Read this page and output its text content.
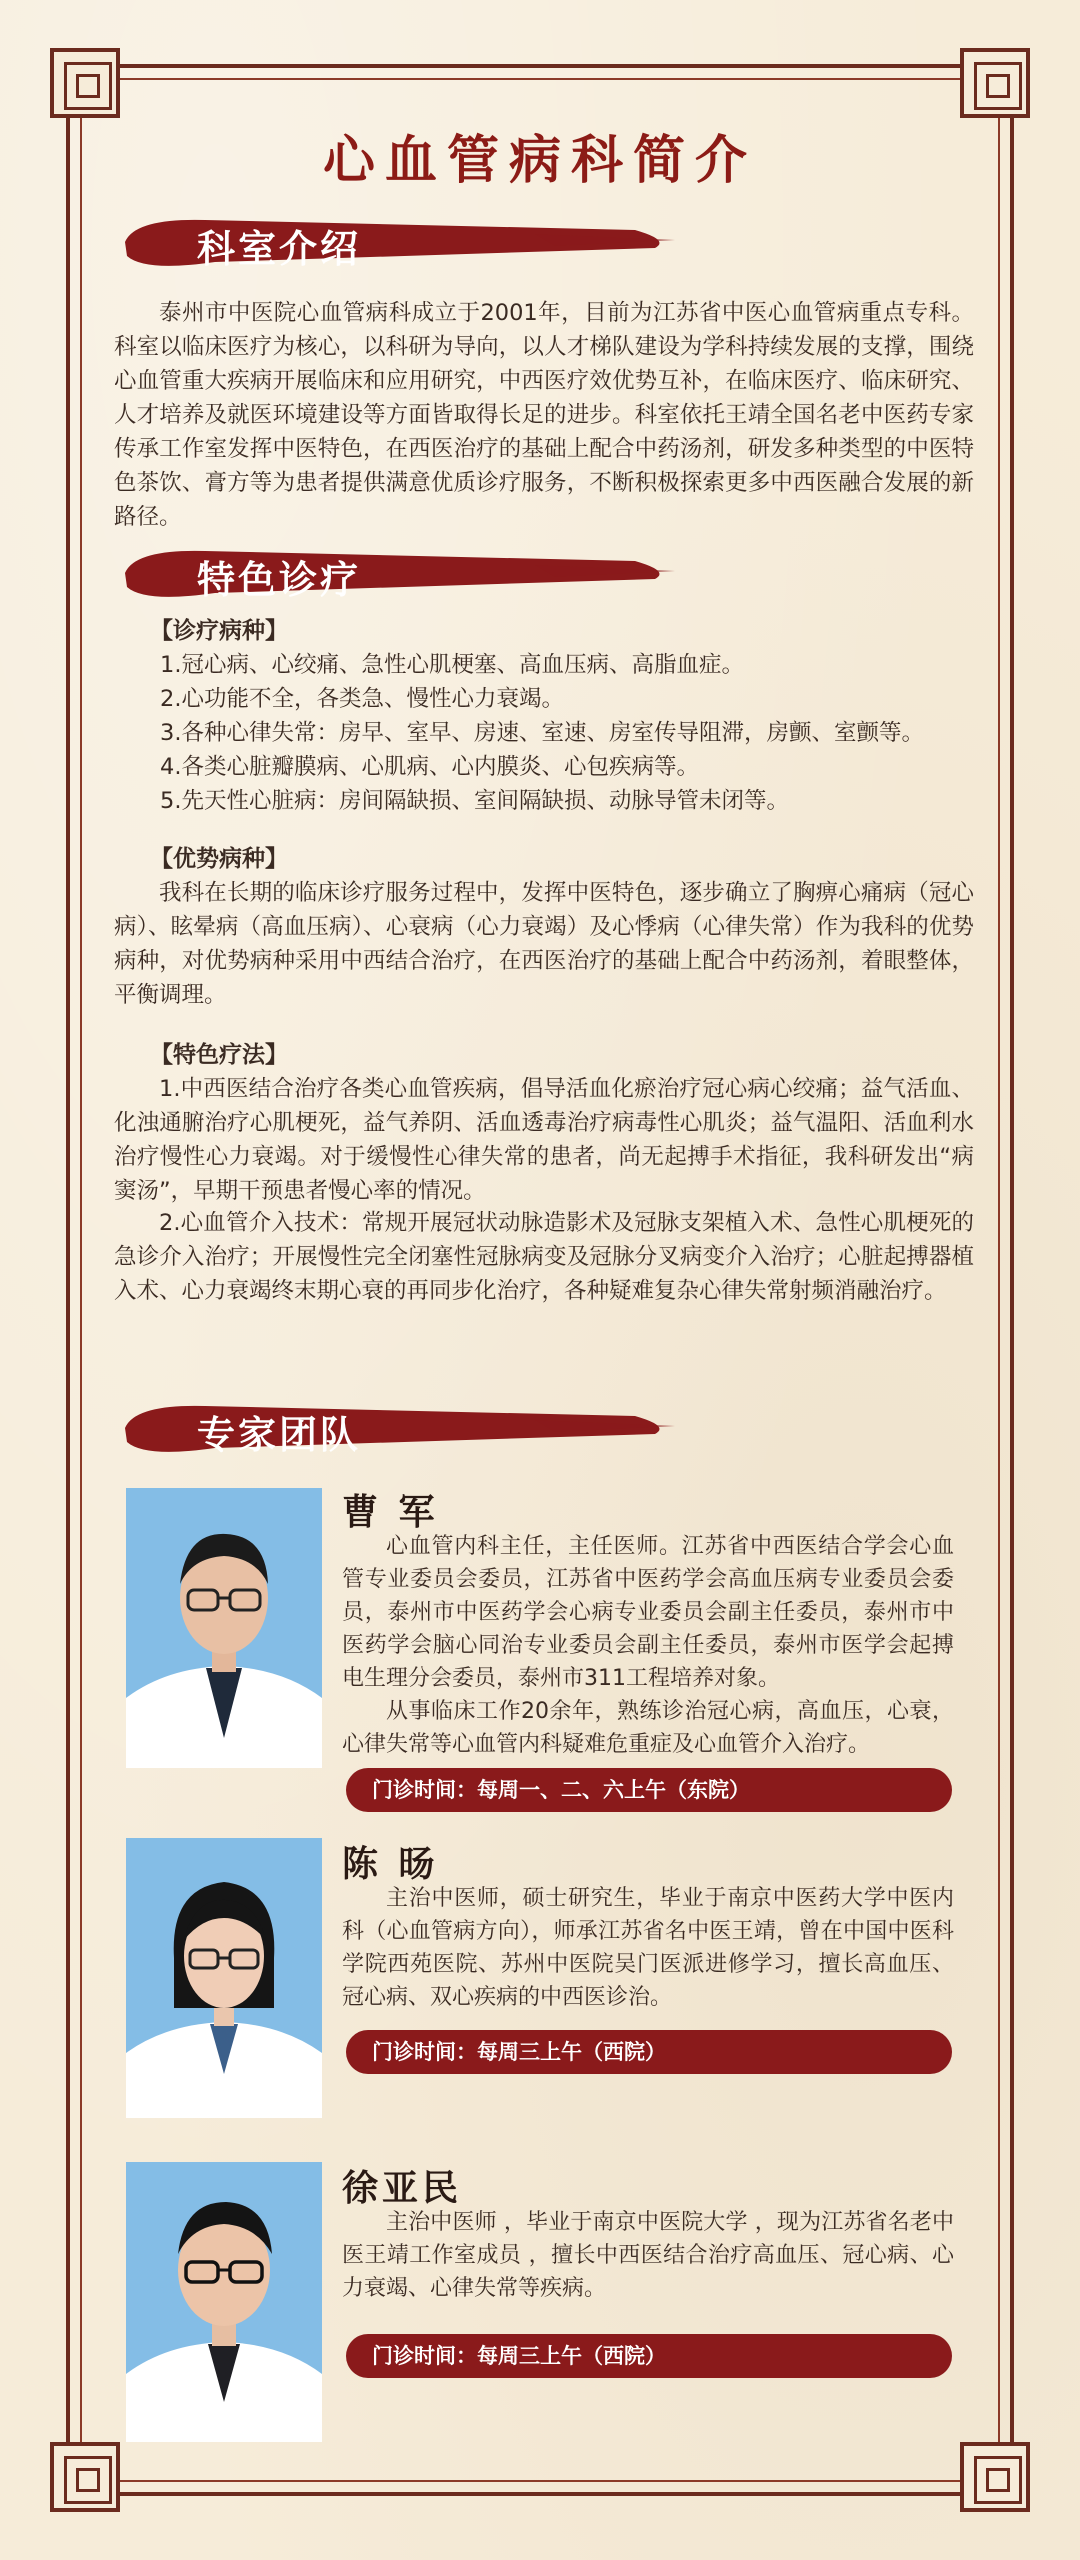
心血管病科简介
科室介绍

泰州市中医院心血管病科成立于2001年，目前为江苏省中医心血管病重点专科。科室以临床医疗为核心，以科研为导向，以人才梯队建设为学科持续发展的支撑，围绕心血管重大疾病开展临床和应用研究，中西医疗效优势互补，在临床医疗、临床研究、人才培养及就医环境建设等方面皆取得长足的进步。科室依托王靖全国名老中医药专家传承工作室发挥中医特色，在西医治疗的基础上配合中药汤剂，研发多种类型的中医特色茶饮、膏方等为患者提供满意优质诊疗服务，不断积极探索更多中西医融合发展的新路径。

特色诊疗
【诊疗病种】
1.冠心病、心绞痛、急性心肌梗塞、高血压病、高脂血症。
2.心功能不全，各类急、慢性心力衰竭。
3.各种心律失常：房早、室早、房速、室速、房室传导阻滞，房颤、室颤等。
4.各类心脏瓣膜病、心肌病、心内膜炎、心包疾病等。
5.先天性心脏病：房间隔缺损、室间隔缺损、动脉导管未闭等。
【优势病种】

我科在长期的临床诊疗服务过程中，发挥中医特色，逐步确立了胸痹心痛病（冠心病）、眩晕病（高血压病）、心衰病（心力衰竭）及心悸病（心律失常）作为我科的优势病种，对优势病种采用中西结合治疗，在西医治疗的基础上配合中药汤剂，着眼整体，平衡调理。

【特色疗法】

1.中西医结合治疗各类心血管疾病，倡导活血化瘀治疗冠心病心绞痛；益气活血、化浊通腑治疗心肌梗死，益气养阴、活血透毒治疗病毒性心肌炎；益气温阳、活血利水治疗慢性心力衰竭。对于缓慢性心律失常的患者，尚无起搏手术指征，我科研发出“病窦汤”，早期干预患者慢心率的情况。

2.心血管介入技术：常规开展冠状动脉造影术及冠脉支架植入术、急性心肌梗死的急诊介入治疗；开展慢性完全闭塞性冠脉病变及冠脉分叉病变介入治疗；心脏起搏器植入术、心力衰竭终末期心衰的再同步化治疗，各种疑难复杂心律失常射频消融治疗。

专家团队
曹 军

心血管内科主任，主任医师。江苏省中西医结合学会心血管专业委员会委员，江苏省中医药学会高血压病专业委员会委员，泰州市中医药学会心病专业委员会副主任委员，泰州市中医药学会脑心同治专业委员会副主任委员，泰州市医学会起搏电生理分会委员，泰州市311工程培养对象。

从事临床工作20余年，熟练诊治冠心病，高血压，心衰，心律失常等心血管内科疑难危重症及心血管介入治疗。

门诊时间：每周一、二、六上午（东院）
陈 旸

主治中医师，硕士研究生，毕业于南京中医药大学中医内科（心血管病方向），师承江苏省名中医王靖，曾在中国中医科学院西苑医院、苏州中医院吴门医派进修学习，擅长高血压、冠心病、双心疾病的中西医诊治。

门诊时间：每周三上午（西院）
徐亚民

主治中医师 ，毕业于南京中医院大学 ，现为江苏省名老中医王靖工作室成员 ，擅长中西医结合治疗高血压、冠心病、心力衰竭、心律失常等疾病。

门诊时间：每周三上午（西院）
